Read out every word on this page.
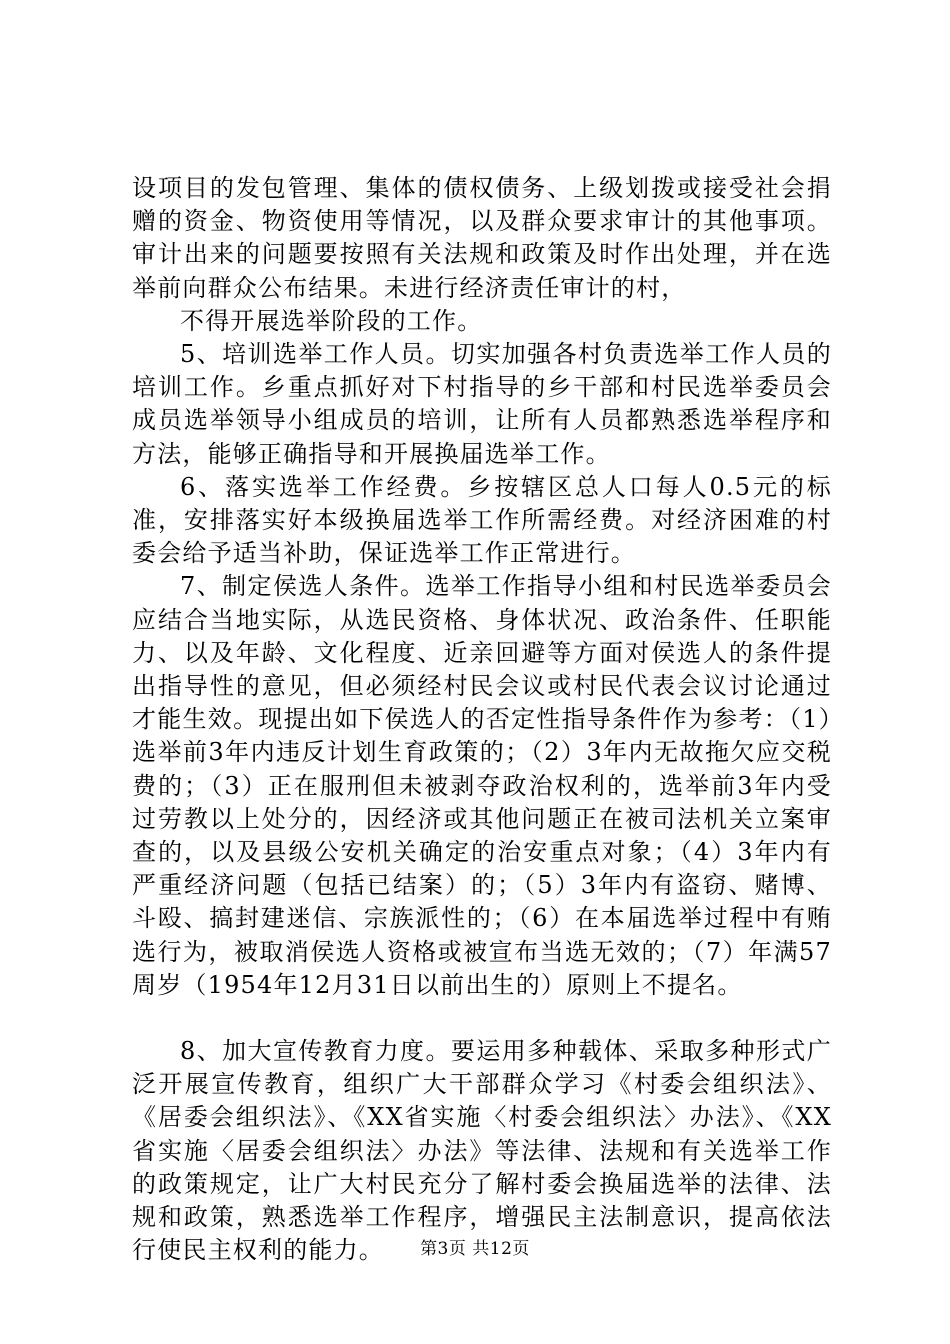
设项目的发包管理、集体的债权债务、上级划拨或接受社会捐赠的资金、物资使用等情况，以及群众要求审计的其他事项。审计出来的问题要按照有关法规和政策及时作出处理，并在选举前向群众公布结果。未进行经济责任审计的村，

不得开展选举阶段的工作。

5、培训选举工作人员。切实加强各村负责选举工作人员的培训工作。乡重点抓好对下村指导的乡干部和村民选举委员会成员选举领导小组成员的培训，让所有人员都熟悉选举程序和方法，能够正确指导和开展换届选举工作。

6、落实选举工作经费。乡按辖区总人口每人0.5元的标准，安排落实好本级换届选举工作所需经费。对经济困难的村委会给予适当补助，保证选举工作正常进行。

7、制定侯选人条件。选举工作指导小组和村民选举委员会应结合当地实际，从选民资格、身体状况、政治条件、任职能力、以及年龄、文化程度、近亲回避等方面对侯选人的条件提出指导性的意见，但必须经村民会议或村民代表会议讨论通过才能生效。现提出如下侯选人的否定性指导条件作为参考：（1）选举前3年内违反计划生育政策的；（2）3年内无故拖欠应交税费的；（3）正在服刑但未被剥夺政治权利的，选举前3年内受过劳教以上处分的，因经济或其他问题正在被司法机关立案审查的，以及县级公安机关确定的治安重点对象；（4）3年内有严重经济问题（包括已结案）的；（5）3年内有盗窃、赌博、斗殴、搞封建迷信、宗族派性的；（6）在本届选举过程中有贿选行为，被取消侯选人资格或被宣布当选无效的；（7）年满57周岁（1954年12月31日以前出生的）原则上不提名。

8、加大宣传教育力度。要运用多种载体、采取多种形式广泛开展宣传教育，组织广大干部群众学习《村委会组织法》、《居委会组织法》、《XX省实施〈村委会组织法〉办法》、《XX省实施〈居委会组织法〉办法》等法律、法规和有关选举工作的政策规定，让广大村民充分了解村委会换届选举的法律、法规和政策，熟悉选举工作程序，增强民主法制意识，提高依法行使民主权利的能力。	第3页 共12页
